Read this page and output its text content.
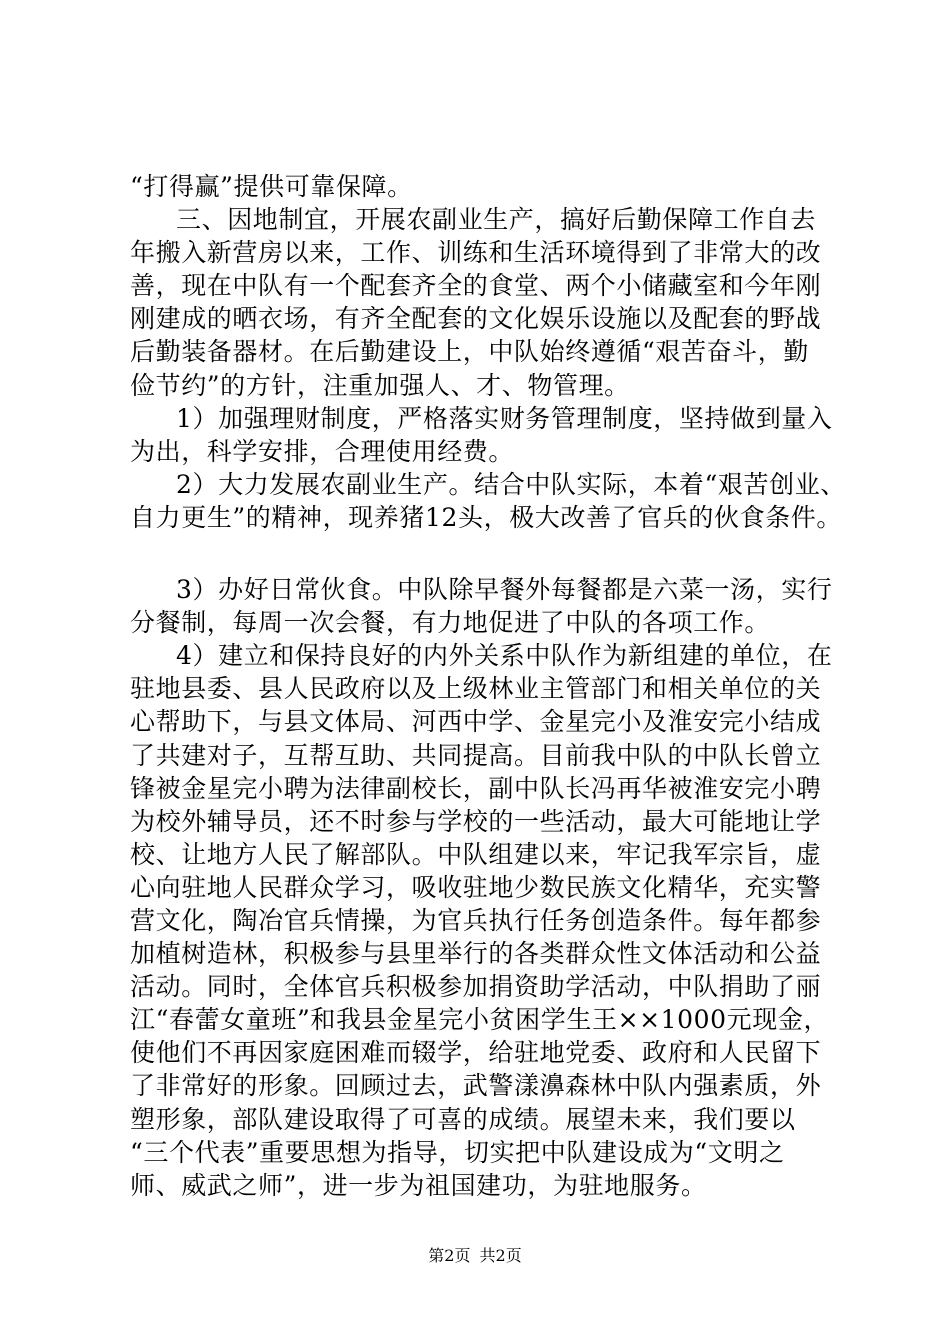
“打得赢”提供可靠保障。
三、因地制宜，开展农副业生产，搞好后勤保障工作自去
年搬入新营房以来，工作、训练和生活环境得到了非常大的改
善，现在中队有一个配套齐全的食堂、两个小储藏室和今年刚
刚建成的晒衣场，有齐全配套的文化娱乐设施以及配套的野战
后勤装备器材。在后勤建设上，中队始终遵循“艰苦奋斗，勤
俭节约”的方针，注重加强人、才、物管理。
1）加强理财制度，严格落实财务管理制度，坚持做到量入
为出，科学安排，合理使用经费。
2）大力发展农副业生产。结合中队实际，本着“艰苦创业、
自力更生”的精神，现养猪12头，极大改善了官兵的伙食条件。
3）办好日常伙食。中队除早餐外每餐都是六菜一汤，实行
分餐制，每周一次会餐，有力地促进了中队的各项工作。
4）建立和保持良好的内外关系中队作为新组建的单位，在
驻地县委、县人民政府以及上级林业主管部门和相关单位的关
心帮助下，与县文体局、河西中学、金星完小及淮安完小结成
了共建对子，互帮互助、共同提高。目前我中队的中队长曾立
锋被金星完小聘为法律副校长，副中队长冯再华被淮安完小聘
为校外辅导员，还不时参与学校的一些活动，最大可能地让学
校、让地方人民了解部队。中队组建以来，牢记我军宗旨，虚
心向驻地人民群众学习，吸收驻地少数民族文化精华，充实警
营文化，陶冶官兵情操，为官兵执行任务创造条件。每年都参
加植树造林，积极参与县里举行的各类群众性文体活动和公益
活动。同时，全体官兵积极参加捐资助学活动，中队捐助了丽
江“春蕾女童班”和我县金星完小贫困学生王××1000元现金，
使他们不再因家庭困难而辍学，给驻地党委、政府和人民留下
了非常好的形象。回顾过去，武警漾濞森林中队内强素质，外
塑形象，部队建设取得了可喜的成绩。展望未来，我们要以
“三个代表”重要思想为指导，切实把中队建设成为“文明之
师、威武之师”，进一步为祖国建功，为驻地服务。
第2页 共2页
